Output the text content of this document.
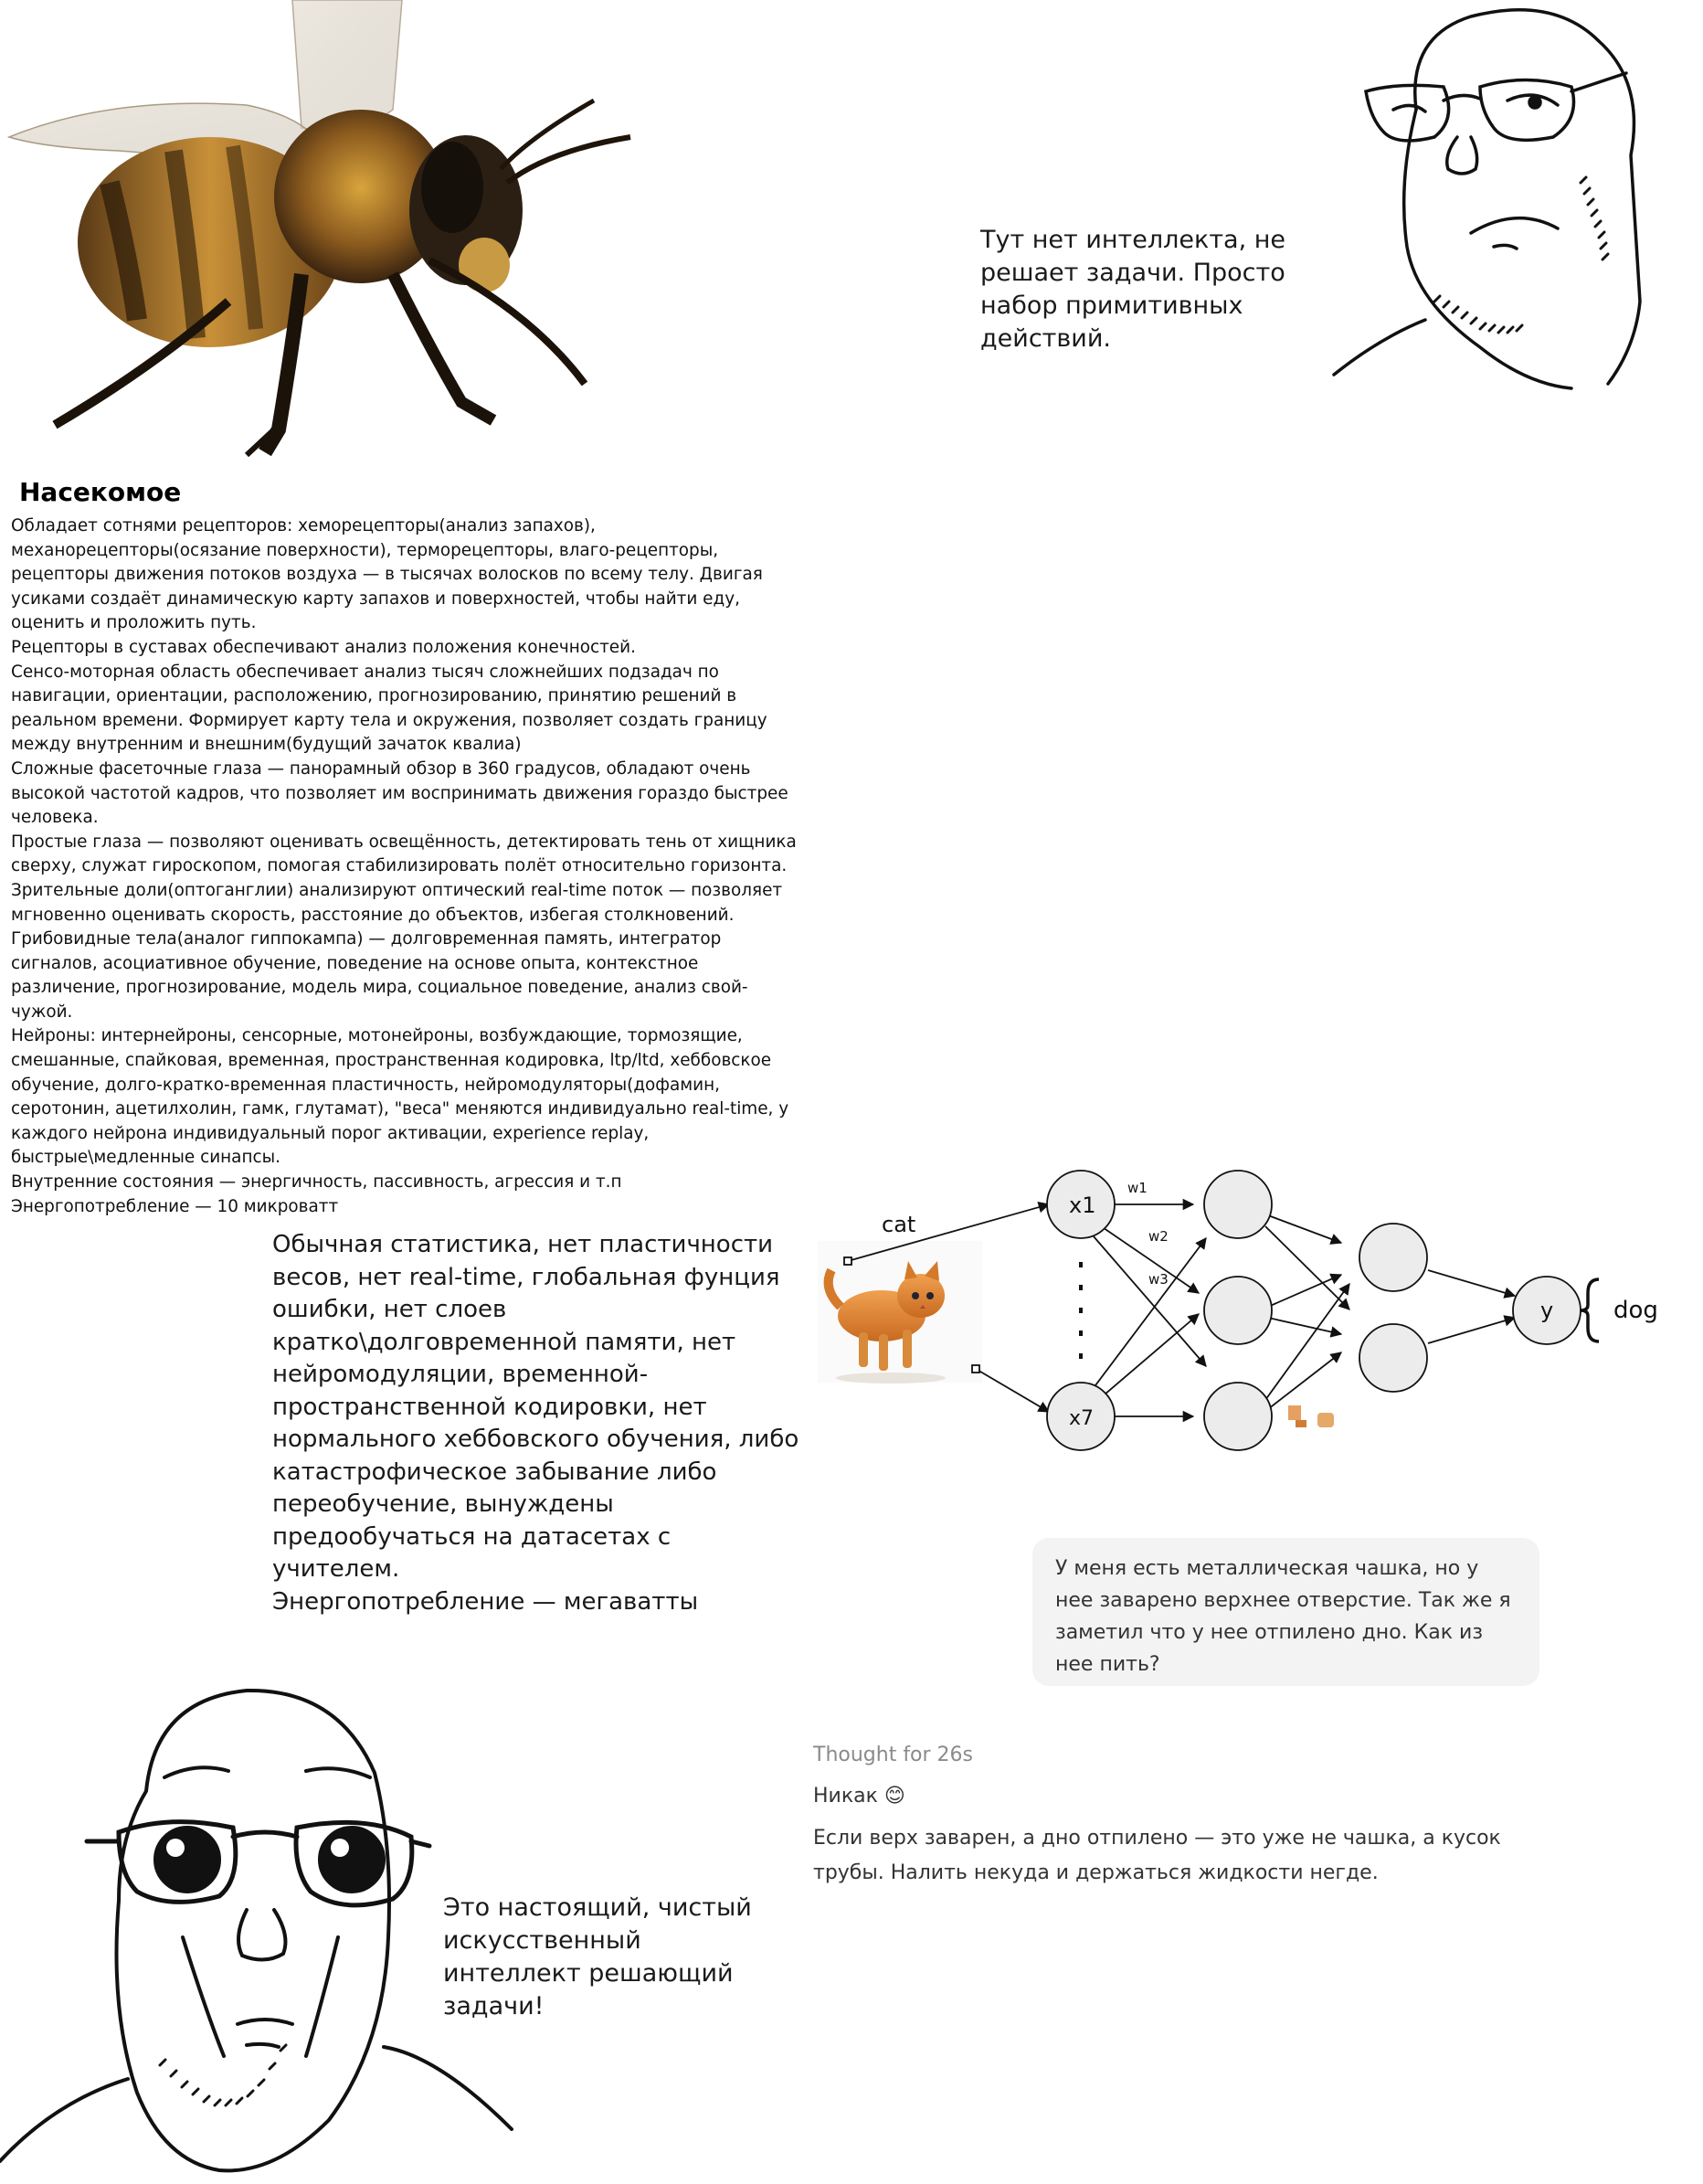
Тут нет интеллекта, не решает задачи. Просто набор примитивных действий.
Насекомое

Обладает сотнями рецепторов: хеморецепторы(анализ запахов), механорецепторы(осязание поверхности), терморецепторы, влаго-рецепторы, рецепторы движения потоков воздуха — в тысячах волосков по всему телу. Двигая усиками создаёт динамическую карту запахов и поверхностей, чтобы найти еду, оценить и проложить путь.

Рецепторы в суставах обеспечивают анализ положения конечностей.

Сенсо-моторная область обеспечивает анализ тысяч сложнейших подзадач по навигации, ориентации, расположению, прогнозированию, принятию решений в реальном времени. Формирует карту тела и окружения, позволяет создать границу между внутренним и внешним(будущий зачаток квалиа)

Сложные фасеточные глаза — панорамный обзор в 360 градусов, обладают очень высокой частотой кадров, что позволяет им воспринимать движения гораздо быстрее человека.

Простые глаза — позволяют оценивать освещённость, детектировать тень от хищника сверху, служат гироскопом, помогая стабилизировать полёт относительно горизонта.

Зрительные доли(оптоганглии) анализируют оптический real-time поток — позволяет мгновенно оценивать скорость, расстояние до объектов, избегая столкновений.

Грибовидные тела(аналог гиппокампа) — долговременная память, интегратор сигналов, асоциативное обучение, поведение на основе опыта, контекстное различение, прогнозирование, модель мира, социальное поведение, анализ свой-чужой.

Нейроны: интернейроны, сенсорные, мотонейроны, возбуждающие, тормозящие, смешанные, спайковая, временная, пространственная кодировка, ltp/ltd, хеббовское обучение, долго-кратко-временная пластичность, нейромодуляторы(дофамин, серотонин, ацетилхолин, гамк, глутамат), "веса" меняются индивидуально real-time, у каждого нейрона индивидуальный порог активации, experience replay, быстрые\медленные синапсы.

Внутренние состояния — энергичность, пассивность, агрессия и т.п

Энергопотребление — 10 микроватт

Обычная статистика, нет пластичности весов, нет real-time, глобальная фунция ошибки, нет слоев кратко\долговременной памяти, нет нейромодуляции, временной-пространственной кодировки, нет нормального хеббовского обучения, либо катастрофическое забывание либо переобучение, вынуждены предообучаться на датасетах с учителем.
Энергопотребление — мегаватты
cat
x1
x7
w1
w2
w3
y	dog
У меня есть металлическая чашка, но у нее заварено верхнее отверстие. Так же я заметил что у нее отпилено дно. Как из нее пить?
Thought for 26s
Никак 😊
Если верх заварен, а дно отпилено — это уже не чашка, а кусок трубы. Налить некуда и держаться жидкости негде.
Это настоящий, чистый искусственный интеллект решающий задачи!
